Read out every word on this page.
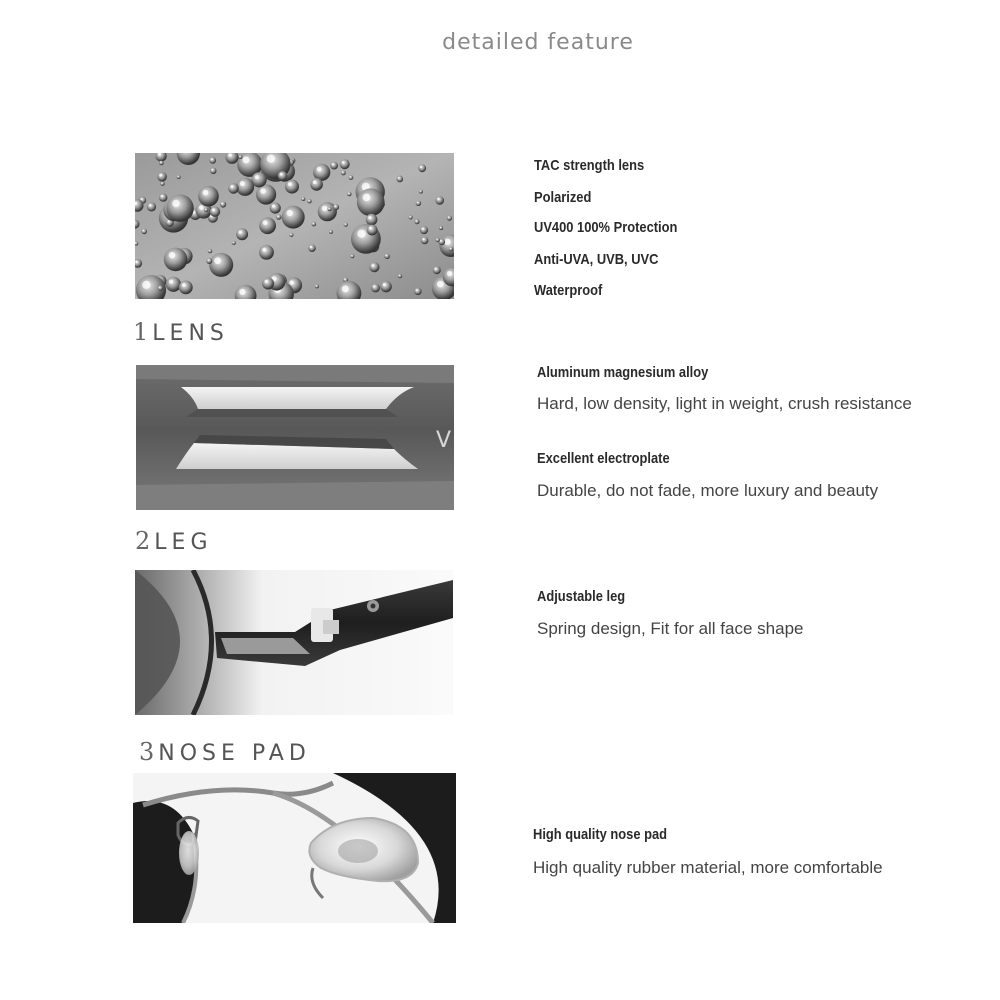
detailed feature
1 LENS
TAC strength lens
Polarized
UV400 100% Protection
Anti-UVA, UVB, UVC
Waterproof
V
2 LEG
Aluminum magnesium alloy
Hard, low density, light in weight, crush resistance
Excellent electroplate
Durable, do not fade, more luxury and beauty
3 NOSE PAD
Adjustable leg
Spring design, Fit for all face shape
High quality nose pad
High quality rubber material, more comfortable
